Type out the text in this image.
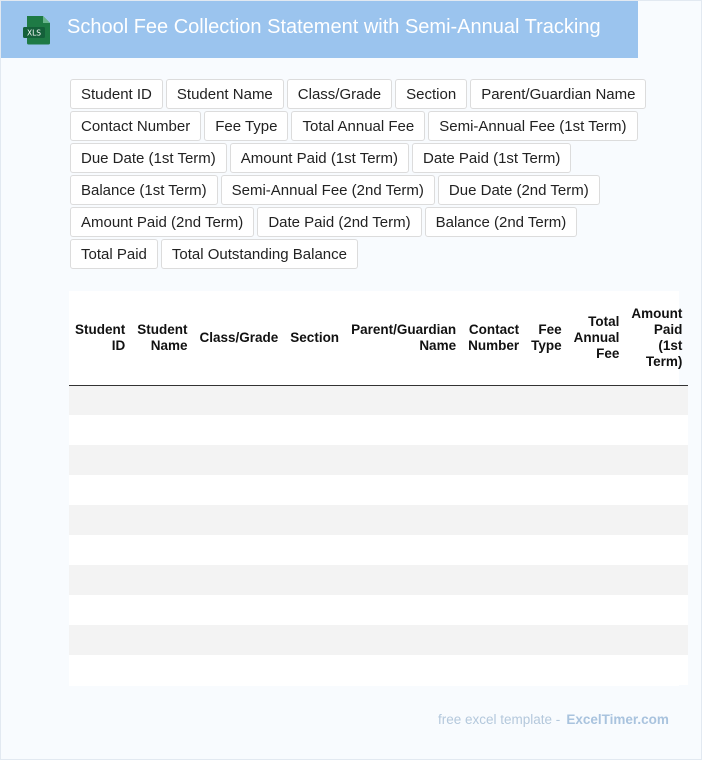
XLS School Fee Collection Statement with Semi-Annual Tracking
Student ID	Student Name	Class/Grade	Section	Parent/Guardian Name
Contact Number	Fee Type	Total Annual Fee	Semi-Annual Fee (1st Term)
Due Date (1st Term)	Amount Paid (1st Term)	Date Paid (1st Term)
Balance (1st Term)	Semi-Annual Fee (2nd Term)	Due Date (2nd Term)
Amount Paid (2nd Term)	Date Paid (2nd Term)	Balance (2nd Term)
Total Paid	Total Outstanding Balance
Student ID	Student Name	Class/Grade	Section	Parent/Guardian Name	Contact Number	Fee Type	Total Annual Fee	Amount Paid (1st Term)

free excel template - ExcelTimer.com
